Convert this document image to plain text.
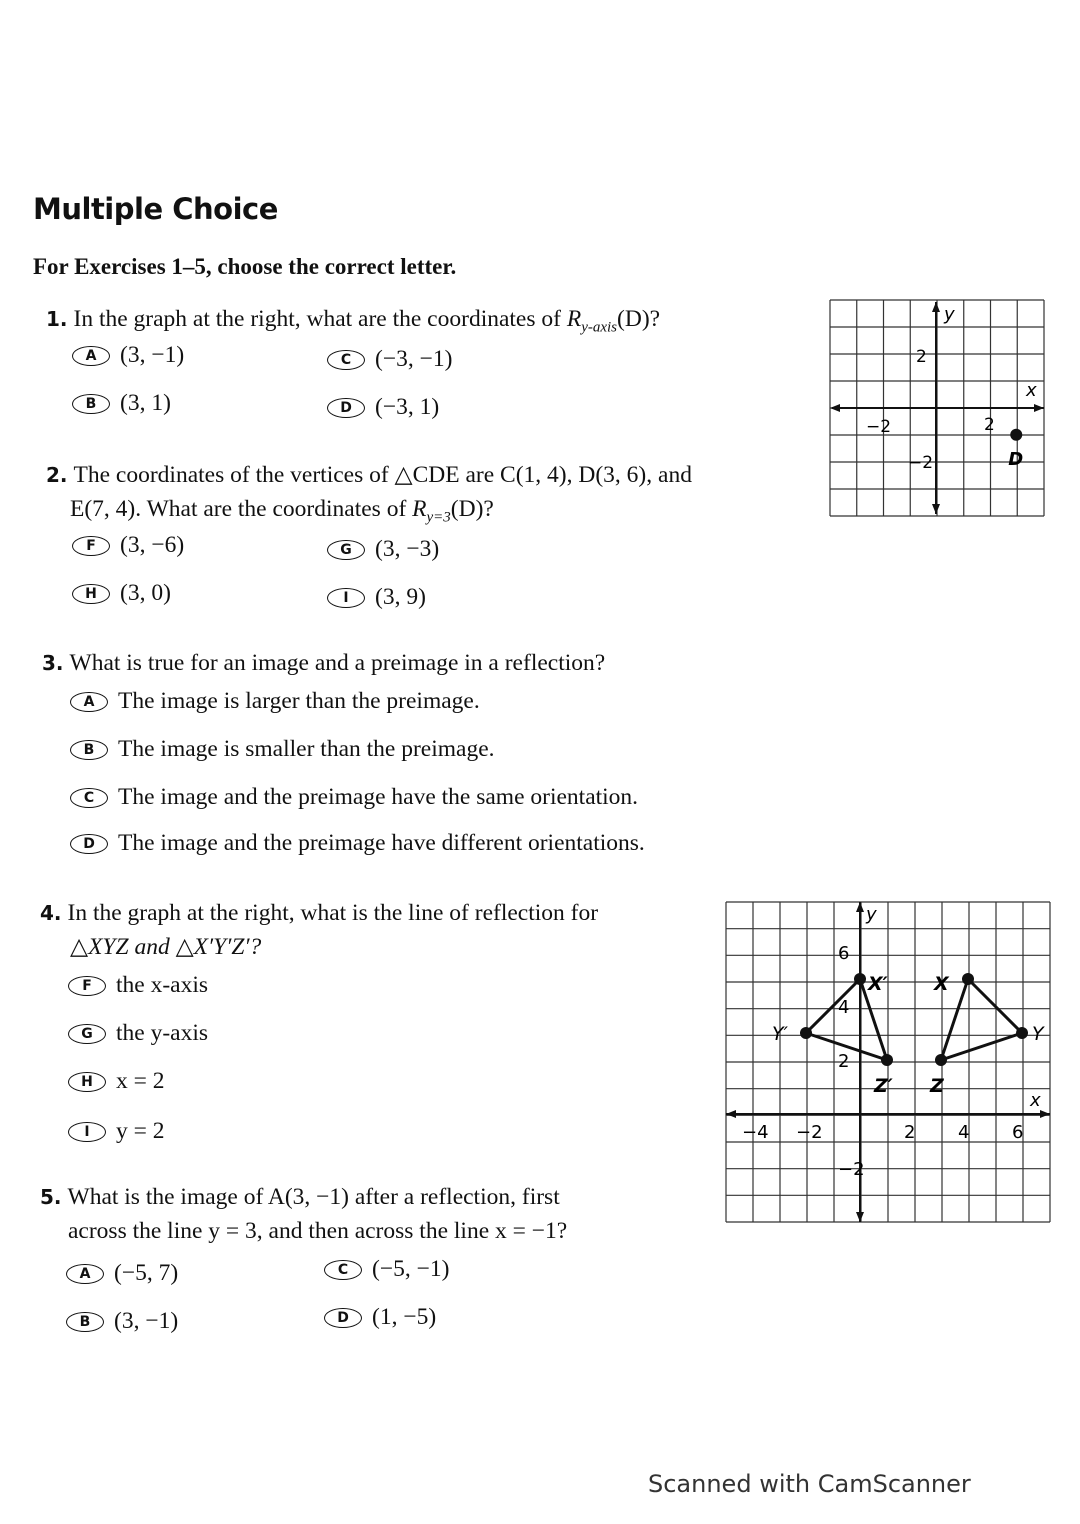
Multiple Choice
For Exercises 1–5, choose the correct letter.
1. In the graph at the right, what are the coordinates of $R_{y-axis}(D)$?
A	(3, −1)
B	(3, 1)
C	(−3, −1)
D (−3, 1)
2. The coordinates of the vertices of △CDE are C(1, 4), D(3, 6), and
E(7, 4). What are the coordinates of $R_{y=3}(D)$?
F	(3, −6)
H (3, 0)
G (3, −3)
I	(3, 9)
3. What is true for an image and a preimage in a reflection?
A	The image is larger than the preimage.
B	The image is smaller than the preimage.
C	The image and the preimage have the same orientation.
D The image and the preimage have different orientations.
4. In the graph at the right, what is the line of reflection for
△XYZ and △X′Y′Z′?
F	the x-axis
G the y-axis
H x = 2
I	y = 2
5. What is the image of A(3, −1) after a reflection, first
across the line y = 3, and then across the line x = −1?
A	(−5, 7)
B	(3, −1)
C	(−5, −1)
D (1, −5)
y
x
−2	2
2
−2	D
y
x
−4 −2	2 4 6
6
4
2
−2
X
Y
Z
X′
Y′
Z′
Scanned with CamScanner
